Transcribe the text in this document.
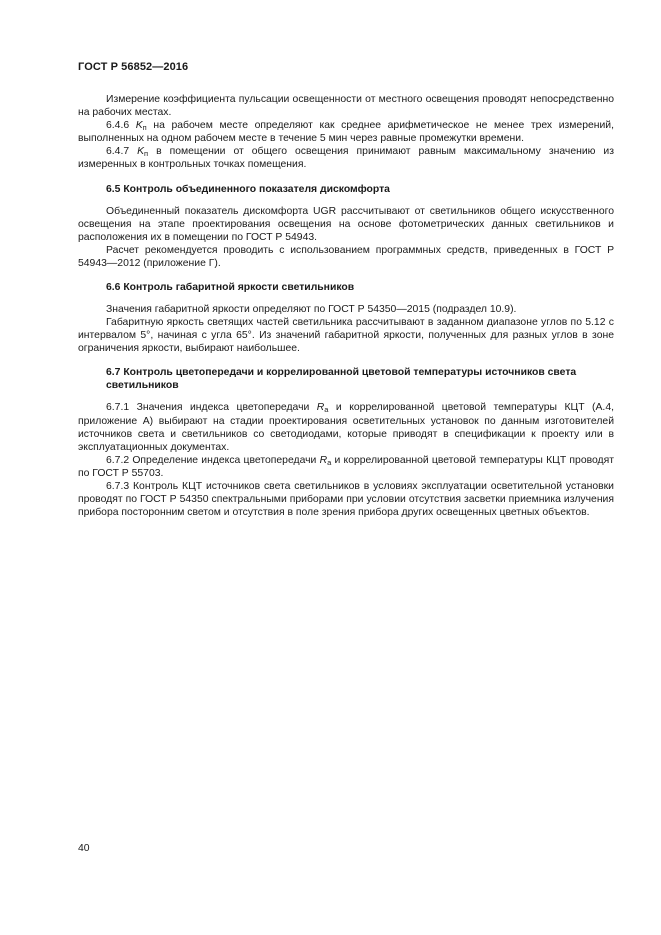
ГОСТ Р 56852—2016

Измерение коэффициента пульсации освещенности от местного освещения проводят непосредственно на рабочих местах.

6.4.6 $K_п$ на рабочем месте определяют как среднее арифметическое не менее трех измерений, выполненных на одном рабочем месте в течение 5 мин через равные промежутки времени.

6.4.7 $K_п$ в помещении от общего освещения принимают равным максимальному значению из измеренных в контрольных точках помещения.

6.5 Контроль объединенного показателя дискомфорта

Объединенный показатель дискомфорта UGR рассчитывают от светильников общего искусственного освещения на этапе проектирования освещения на основе фотометрических данных светильников и расположения их в помещении по ГОСТ Р 54943.

Расчет рекомендуется проводить с использованием программных средств, приведенных в ГОСТ Р 54943—2012 (приложение Г).

6.6 Контроль габаритной яркости светильников

Значения габаритной яркости определяют по ГОСТ Р 54350—2015 (подраздел 10.9).

Габаритную яркость светящих частей светильника рассчитывают в заданном диапазоне углов по 5.12 с интервалом 5°, начиная с угла 65°. Из значений габаритной яркости, полученных для разных углов в зоне ограничения яркости, выбирают наибольшее.

6.7 Контроль цветопередачи и коррелированной цветовой температуры источников света
светильников

6.7.1 Значения индекса цветопередачи $R_a$ и коррелированной цветовой температуры КЦТ (А.4, приложение А) выбирают на стадии проектирования осветительных установок по данным изготовителей источников света и светильников со светодиодами, которые приводят в спецификации к проекту или в эксплуатационных документах.

6.7.2 Определение индекса цветопередачи $R_a$ и коррелированной цветовой температуры КЦТ проводят по ГОСТ Р 55703.

6.7.3 Контроль КЦТ источников света светильников в условиях эксплуатации осветительной установки проводят по ГОСТ Р 54350 спектральными приборами при условии отсутствия засветки приемника излучения прибора посторонним светом и отсутствия в поле зрения прибора других освещенных цветных объектов.

40
